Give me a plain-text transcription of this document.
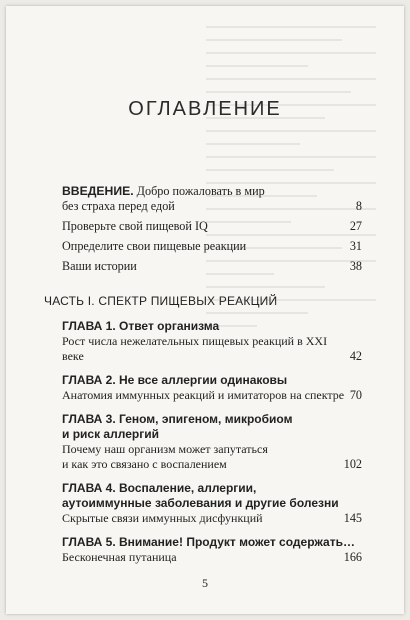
ОГЛАВЛЕНИЕ
ВВЕДЕНИЕ. Добро пожаловать в мир
без страха перед едой	8
Проверьте свой пищевой IQ	27
Определите свои пищевые реакции	31
Ваши истории	38
ЧАСТЬ I. СПЕКТР ПИЩЕВЫХ РЕАКЦИЙ
ГЛАВА 1. Ответ организма
Рост числа нежелательных пищевых реакций в XXI веке	42
ГЛАВА 2. Не все аллергии одинаковы
Анатомия иммунных реакций и имитаторов на спектре 70
ГЛАВА 3. Геном, эпигеном, микробиом
и риск аллергий
Почему наш организм может запутаться
и как это связано с воспалением	102
ГЛАВА 4. Воспаление, аллергии,
аутоиммунные заболевания и другие болезни
Скрытые связи иммунных дисфункций	145
ГЛАВА 5. Внимание! Продукт может содержать…
Бесконечная путаница	166
5
